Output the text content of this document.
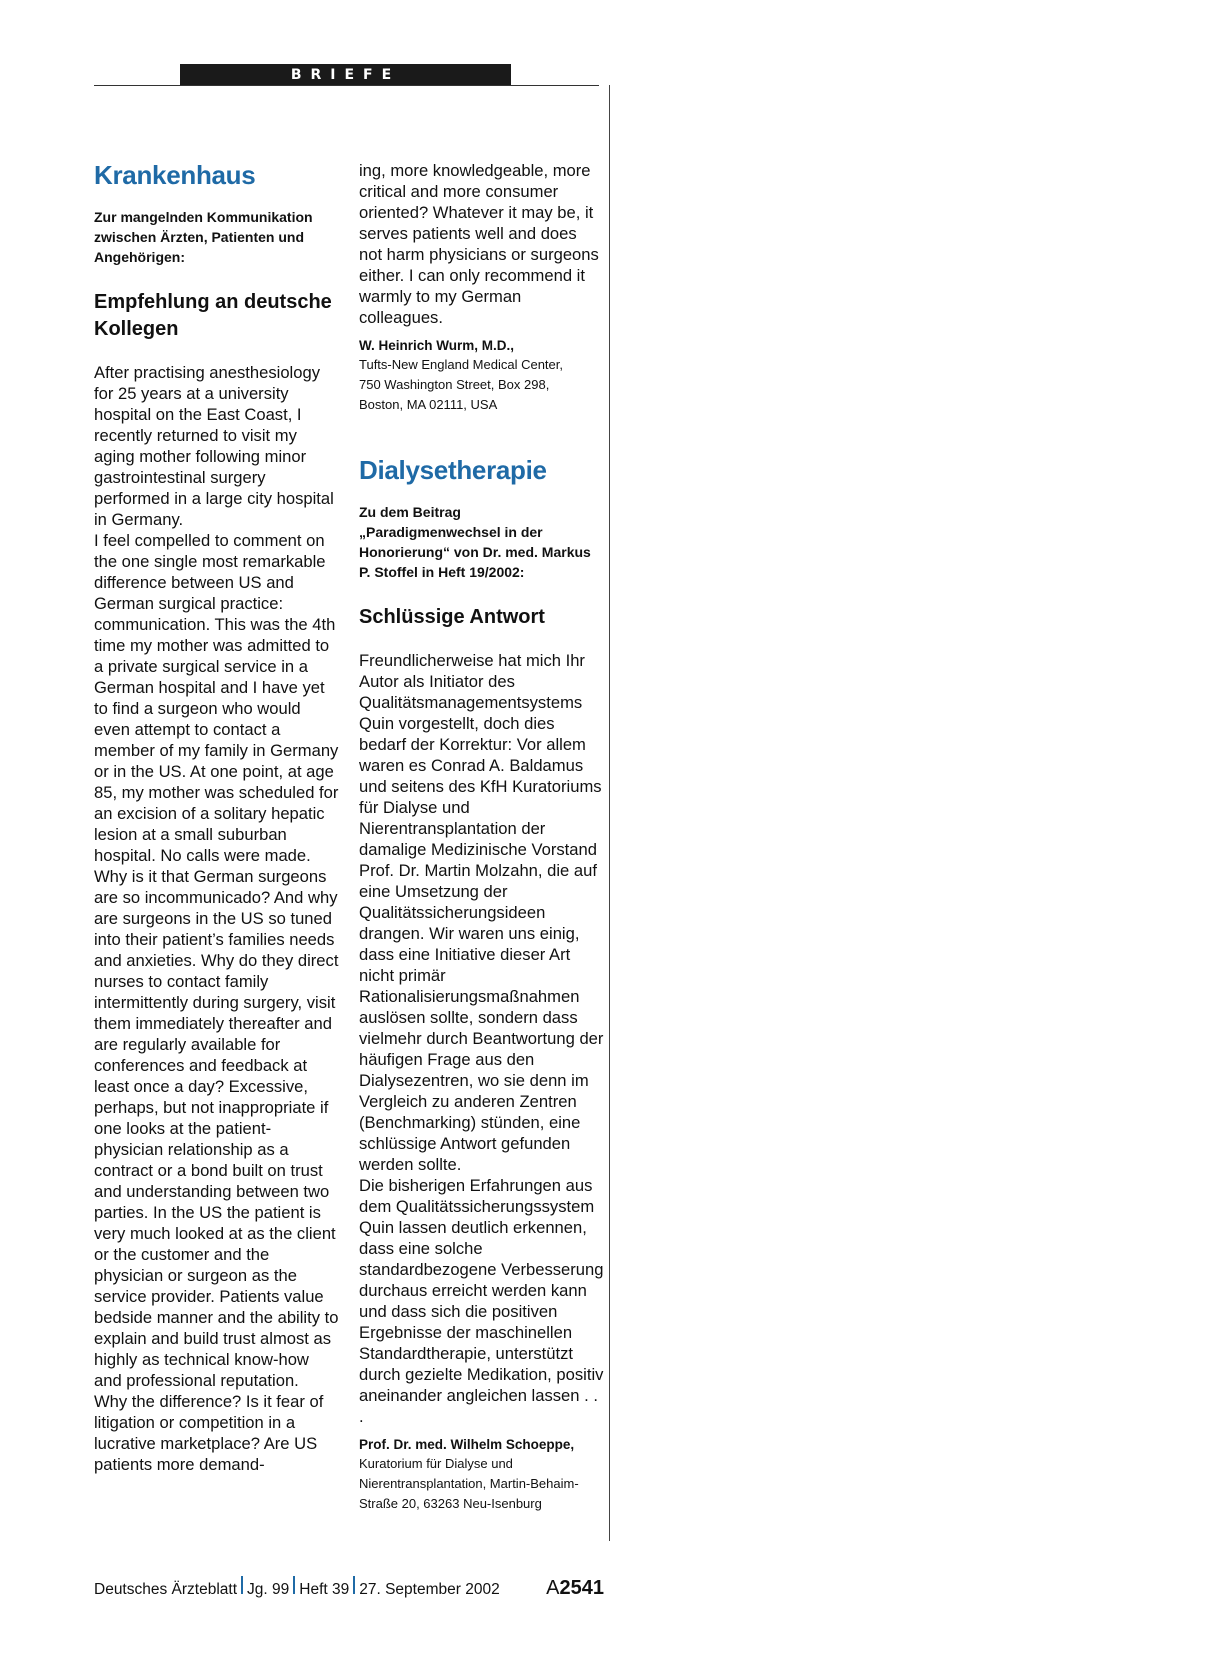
BRIEFE
Krankenhaus

Zur mangelnden Kommunikation zwischen Ärzten, Patienten und Angehörigen:

Empfehlung an deutsche Kollegen

After practising anesthesiology for 25 years at a university hospital on the East Coast, I recently returned to visit my aging mother following minor gastrointestinal surgery performed in a large city hospital in Germany.

I feel compelled to comment on the one single most remarkable difference between US and German surgical practice: communication. This was the 4th time my mother was admitted to a private surgical service in a German hospital and I have yet to find a surgeon who would even attempt to contact a member of my family in Germany or in the US. At one point, at age 85, my mother was scheduled for an excision of a solitary hepatic lesion at a small suburban hospital. No calls were made. Why is it that German surgeons are so incommunicado? And why are surgeons in the US so tuned into their patient’s families needs and anxieties. Why do they direct nurses to contact family intermittently during surgery, visit them immediately thereafter and are regularly available for conferences and feedback at least once a day? Excessive, perhaps, but not inappropriate if one looks at the patient-physician relationship as a contract or a bond built on trust and understanding between two parties. In the US the patient is very much looked at as the client or the customer and the physician or surgeon as the service provider. Patients value bedside manner and the ability to explain and build trust almost as highly as technical know-how and professional reputation.

Why the difference? Is it fear of litigation or competition in a lucrative marketplace? Are US patients more demand-

ing, more knowledgeable, more critical and more consumer oriented? Whatever it may be, it serves patients well and does not harm physicians or surgeons either. I can only recommend it warmly to my German colleagues.

W. Heinrich Wurm, M.D.,

Tufts-New England Medical Center,
750 Washington Street, Box 298,
Boston, MA 02111, USA

Dialysetherapie

Zu dem Beitrag „Paradigmenwechsel in der Honorierung“ von Dr. med. Markus P. Stoffel in Heft 19/2002:

Schlüssige Antwort

Freundlicherweise hat mich Ihr Autor als Initiator des Qualitätsmanagementsystems Quin vorgestellt, doch dies bedarf der Korrektur: Vor allem waren es Conrad A. Baldamus und seitens des KfH Kuratoriums für Dialyse und Nierentransplantation der damalige Medizinische Vorstand Prof. Dr. Martin Molzahn, die auf eine Umsetzung der Qualitätssicherungsideen drangen. Wir waren uns einig, dass eine Initiative dieser Art nicht primär Rationalisierungsmaßnahmen auslösen sollte, sondern dass vielmehr durch Beantwortung der häufigen Frage aus den Dialysezentren, wo sie denn im Vergleich zu anderen Zentren (Benchmarking) stünden, eine schlüssige Antwort gefunden werden sollte.

Die bisherigen Erfahrungen aus dem Qualitätssicherungssystem Quin lassen deutlich erkennen, dass eine solche standardbezogene Verbesserung durchaus erreicht werden kann und dass sich die positiven Ergebnisse der maschinellen Standardtherapie, unterstützt durch gezielte Medikation, positiv aneinander angleichen lassen . . .

Prof. Dr. med. Wilhelm Schoeppe,

Kuratorium für Dialyse und
Nierentransplantation, Martin-Behaim-
Straße 20, 63263 Neu-Isenburg

Deutsches Ärzteblatt Jg. 99 Heft 39 27. September 2002 A2541
